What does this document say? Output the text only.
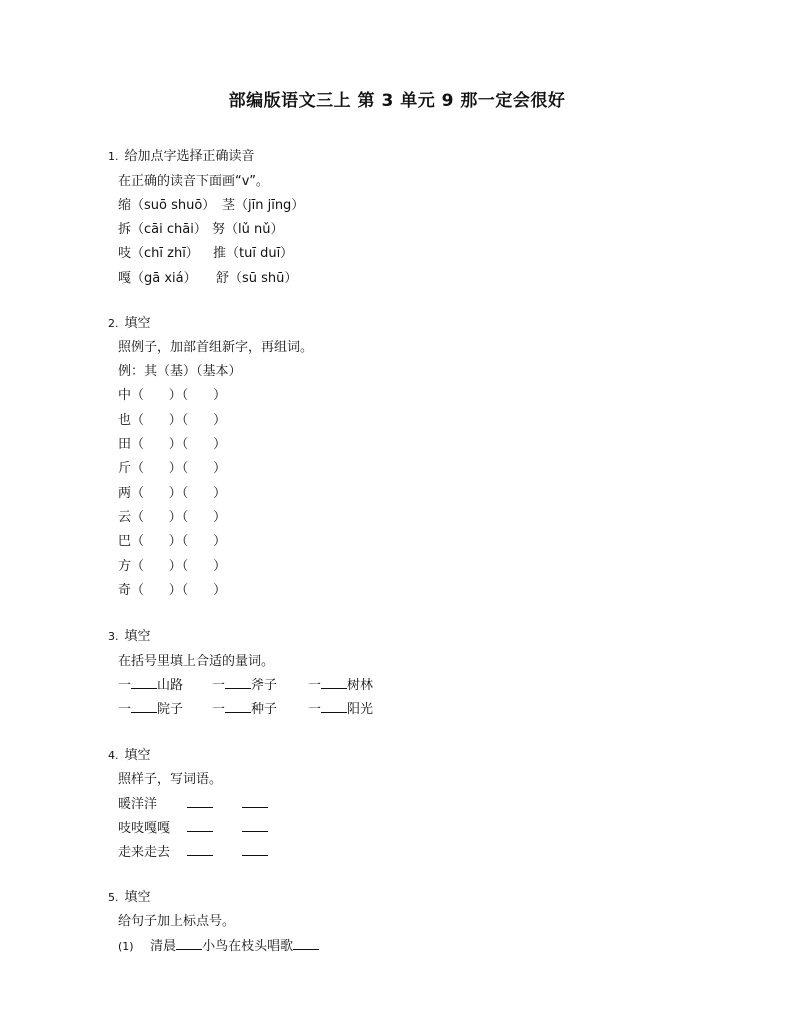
部编版语文三上 第 3 单元 9 那一定会很好
1. 给加点字选择正确读音
在正确的读音下面画“v”。
缩（suō shuō） 茎（jīn jīng）
拆（cāi chāi） 努（lǔ nǔ）
吱（chī zhī） 推（tuī duī）
嘎（gā xiá） 舒（sū shū）
2. 填空
照例子，加部首组新字，再组词。
例：其（基）（基本）
中（      ）（      ）
也（      ）（      ）
田（      ）（      ）
斤（      ）（      ）
两（      ）（      ）
云（      ）（      ）
巴（      ）（      ）
方（      ）（      ）
奇（      ）（      ）
3. 填空
在括号里填上合适的量词。
一 山路 一 斧子 一 树林
一 院子 一 种子 一 阳光
4. 填空
照样子，写词语。
暖洋洋
吱吱嘎嘎
走来走去
5. 填空
给句子加上标点号。
(1) 清晨 小鸟在枝头唱歌
